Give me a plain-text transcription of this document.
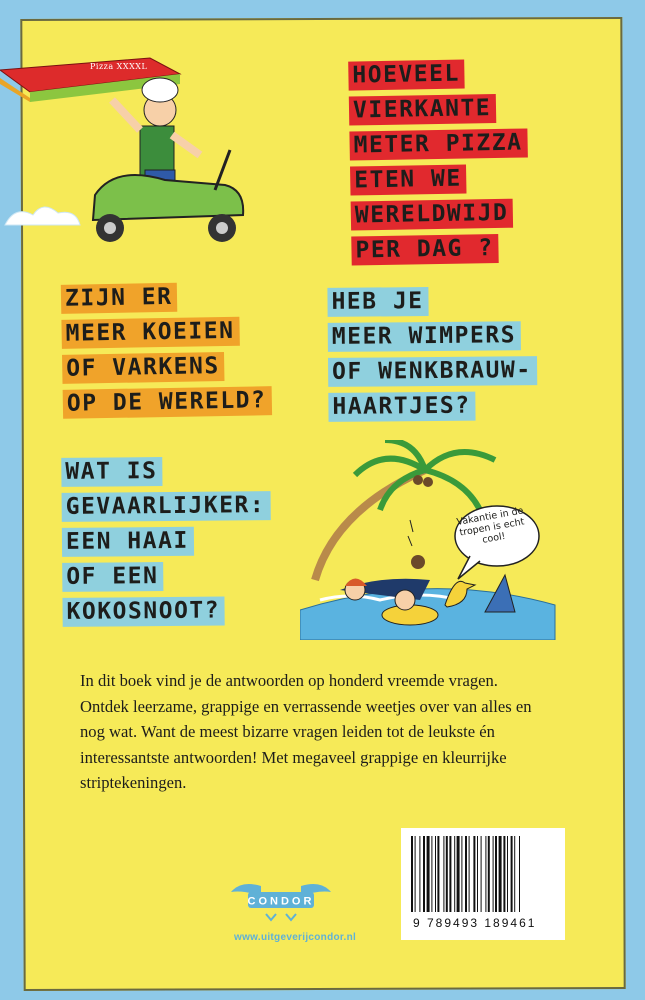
Pizza XXXXL	HOEVEEL
VIERKANTE
METER PIZZA
ETEN WE
WERELDWIJD
PER DAG ?
ZIJN ER
MEER KOEIEN
OF VARKENS
OP DE WERELD?
HEB JE
MEER WIMPERS
OF WENKBRAUW-
HAARTJES?
WAT IS
GEVAARLIJKER:
EEN HAAI
OF EEN
KOKOSNOOT?
Vakantie in de tropen is echt cool!

In dit boek vind je de antwoorden op honderd vreemde vragen. Ontdek leerzame, grappige en verrassende weetjes over van alles en nog wat. Want de meest bizarre vragen leiden tot de leukste én interessantste antwoorden! Met megaveel grappige en kleurrijke striptekeningen.

CONDOR
www.uitgeverijcondor.nl
9 789493 189461
